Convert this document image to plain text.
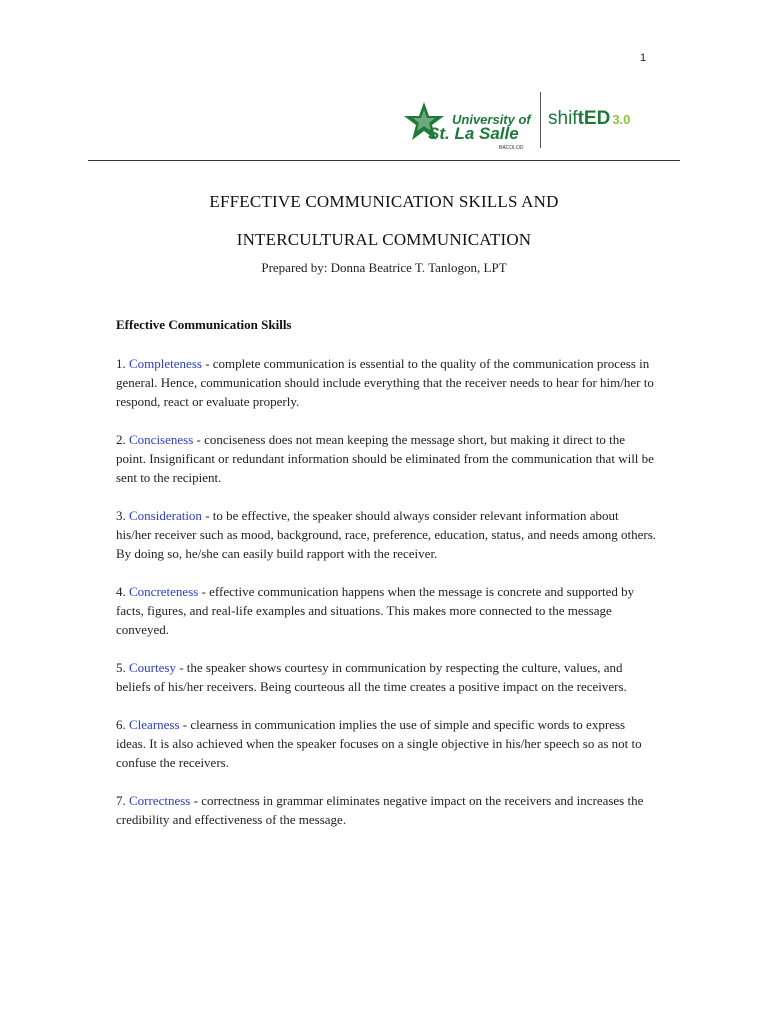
1
University of
St. La Salle
BACOLOD
shiftED 3.0
EFFECTIVE COMMUNICATION SKILLS AND
INTERCULTURAL COMMUNICATION
Prepared by: Donna Beatrice T. Tanlogon, LPT
Effective Communication Skills

1. Completeness - complete communication is essential to the quality of the communication process in general. Hence, communication should include everything that the receiver needs to hear for him/her to respond, react or evaluate properly.

2. Conciseness - conciseness does not mean keeping the message short, but making it direct to the point. Insignificant or redundant information should be eliminated from the communication that will be sent to the recipient.

3. Consideration - to be effective, the speaker should always consider relevant information about his/her receiver such as mood, background, race, preference, education, status, and needs among others. By doing so, he/she can easily build rapport with the receiver.

4. Concreteness - effective communication happens when the message is concrete and supported by facts, figures, and real-life examples and situations. This makes more connected to the message conveyed.

5. Courtesy - the speaker shows courtesy in communication by respecting the culture, values, and beliefs of his/her receivers. Being courteous all the time creates a positive impact on the receivers.

6. Clearness - clearness in communication implies the use of simple and specific words to express ideas. It is also achieved when the speaker focuses on a single objective in his/her speech so as not to confuse the receivers.

7. Correctness - correctness in grammar eliminates negative impact on the receivers and increases the credibility and effectiveness of the message.
